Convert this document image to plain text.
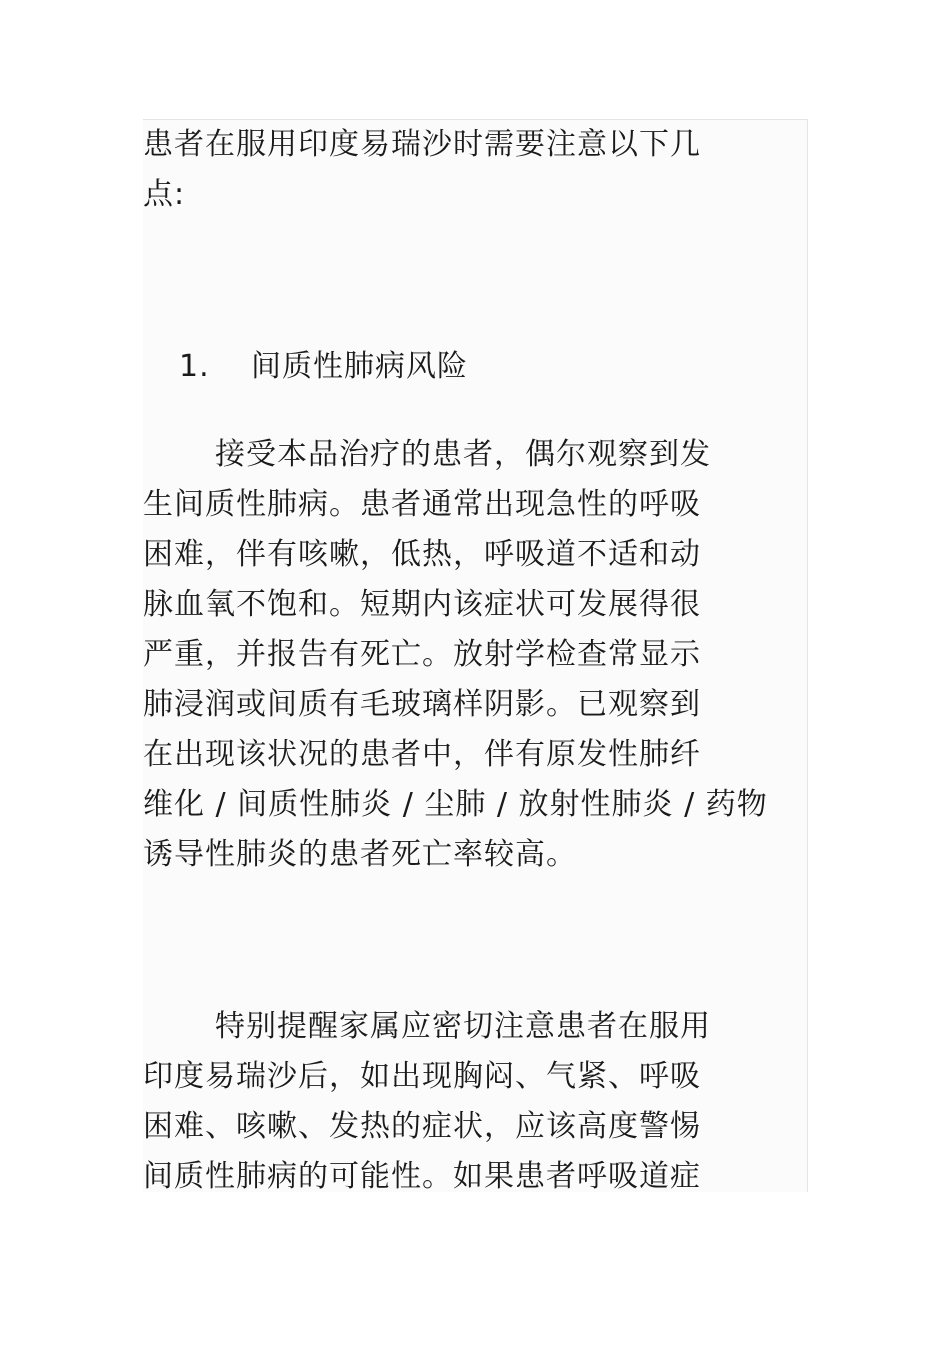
患者在服用印度易瑞沙时需要注意以下几
点:
1. 间质性肺病风险
接受本品治疗的患者，偶尔观察到发
生间质性肺病。患者通常出现急性的呼吸
困难，伴有咳嗽，低热，呼吸道不适和动
脉血氧不饱和。短期内该症状可发展得很
严重，并报告有死亡。放射学检查常显示
肺浸润或间质有毛玻璃样阴影。已观察到
在出现该状况的患者中，伴有原发性肺纤
维化 / 间质性肺炎 / 尘肺 / 放射性肺炎 / 药物
诱导性肺炎的患者死亡率较高。
特别提醒家属应密切注意患者在服用
印度易瑞沙后，如出现胸闷、气紧、呼吸
困难、咳嗽、发热的症状，应该高度警惕
间质性肺病的可能性。如果患者呼吸道症
